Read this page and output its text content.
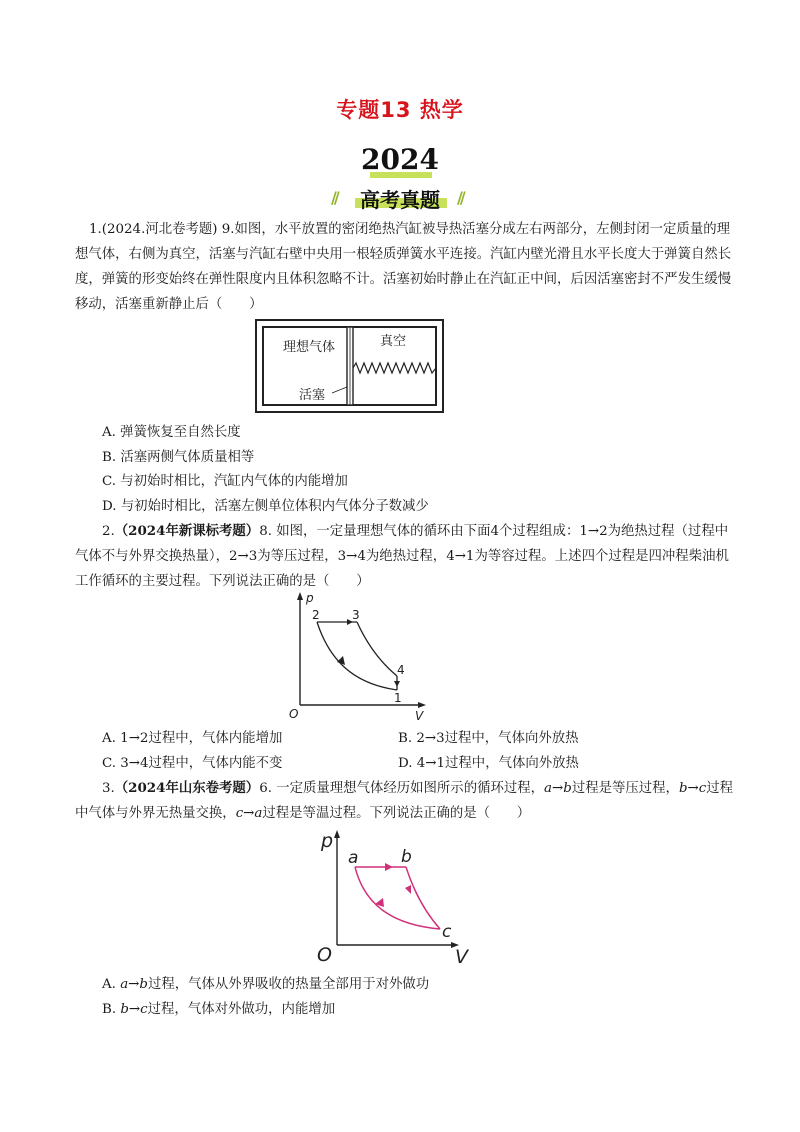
专题13 热学
2024
//	//
高考真题
1.(2024.河北卷考题) 9.如图，水平放置的密闭绝热汽缸被导热活塞分成左右两部分，左侧封闭一定质量的理想气体，右侧为真空，活塞与汽缸右壁中央用一根轻质弹簧水平连接。汽缸内壁光滑且水平长度大于弹簧自然长度，弹簧的形变始终在弹性限度内且体积忽略不计。活塞初始时静止在汽缸正中间，后因活塞密封不严发生缓慢移动，活塞重新静止后（　　）
理想气体	真空
活塞
A. 弹簧恢复至自然长度
B. 活塞两侧气体质量相等
C. 与初始时相比，汽缸内气体的内能增加
D. 与初始时相比，活塞左侧单位体积内气体分子数减少
2.（2024年新课标考题）8. 如图，一定量理想气体的循环由下面4个过程组成：1→2为绝热过程（过程中气体不与外界交换热量），2→3为等压过程，3→4为绝热过程，4→1为等容过程。上述四个过程是四冲程柴油机工作循环的主要过程。下列说法正确的是（　　）
p
V
O
1
2	3
4
A. 1→2过程中，气体内能增加	B. 2→3过程中，气体向外放热
C. 3→4过程中，气体内能不变	D. 4→1过程中，气体向外放热
3.（2024年山东卷考题）6. 一定质量理想气体经历如图所示的循环过程，a→b过程是等压过程，b→c过程中气体与外界无热量交换，c→a过程是等温过程。下列说法正确的是（　　）
p
V
O
a	b
c
A. a→b过程，气体从外界吸收的热量全部用于对外做功
B. b→c过程，气体对外做功，内能增加
